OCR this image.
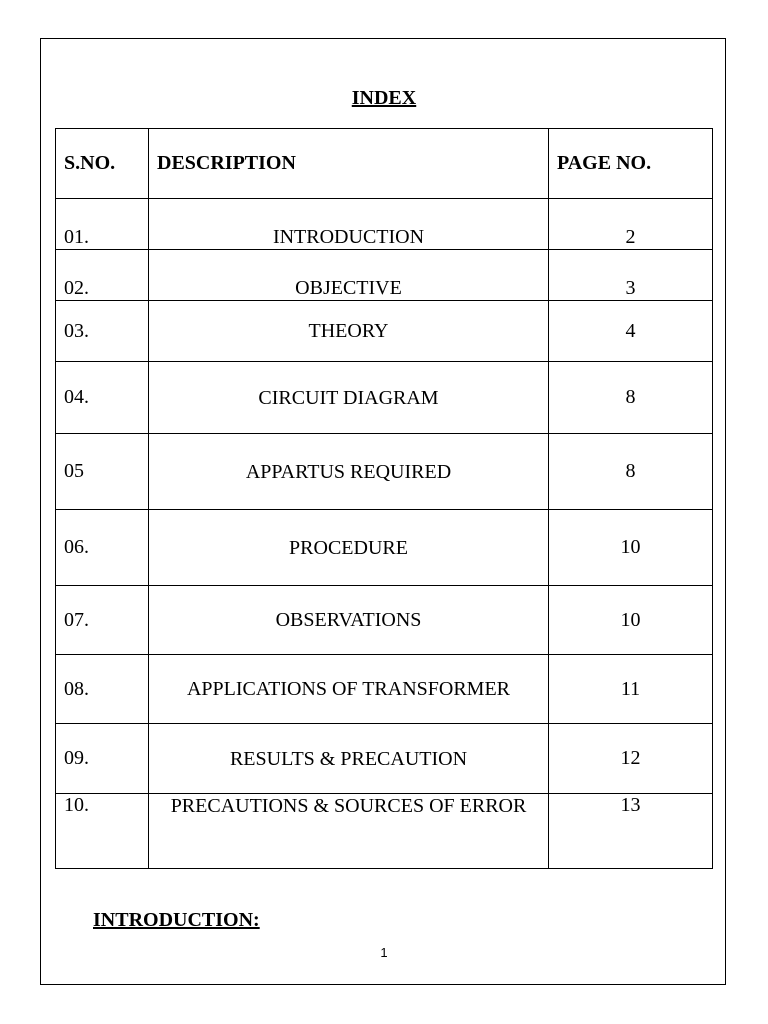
INDEX
S.NO.	DESCRIPTION	PAGE NO.
01.	INTRODUCTION	2
02.	OBJECTIVE	3
03.	THEORY	4
04.	CIRCUIT DIAGRAM	8
05	APPARTUS REQUIRED	8
06.	PROCEDURE	10
07.	OBSERVATIONS	10
08.	APPLICATIONS OF TRANSFORMER	11
09.	RESULTS & PRECAUTION	12
10.	PRECAUTIONS & SOURCES OF ERROR	13
INTRODUCTION:
1
